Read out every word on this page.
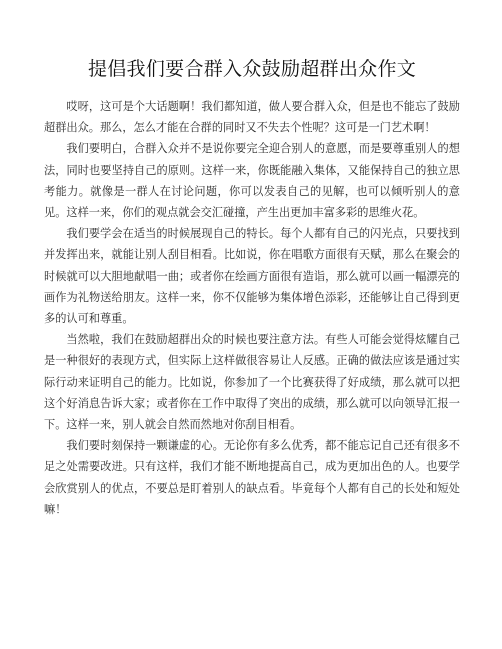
提倡我们要合群入众鼓励超群出众作文

哎呀，这可是个大话题啊！我们都知道，做人要合群入众，但是也不能忘了鼓励超群出众。那么，怎么才能在合群的同时又不失去个性呢？这可是一门艺术啊！

我们要明白，合群入众并不是说你要完全迎合别人的意愿，而是要尊重别人的想法，同时也要坚持自己的原则。这样一来，你既能融入集体，又能保持自己的独立思考能力。就像是一群人在讨论问题，你可以发表自己的见解，也可以倾听别人的意见。这样一来，你们的观点就会交汇碰撞，产生出更加丰富多彩的思维火花。

我们要学会在适当的时候展现自己的特长。每个人都有自己的闪光点，只要找到并发挥出来，就能让别人刮目相看。比如说，你在唱歌方面很有天赋，那么在聚会的时候就可以大胆地献唱一曲；或者你在绘画方面很有造诣，那么就可以画一幅漂亮的画作为礼物送给朋友。这样一来，你不仅能够为集体增色添彩，还能够让自己得到更多的认可和尊重。

当然啦，我们在鼓励超群出众的时候也要注意方法。有些人可能会觉得炫耀自己是一种很好的表现方式，但实际上这样做很容易让人反感。正确的做法应该是通过实际行动来证明自己的能力。比如说，你参加了一个比赛获得了好成绩，那么就可以把这个好消息告诉大家；或者你在工作中取得了突出的成绩，那么就可以向领导汇报一下。这样一来，别人就会自然而然地对你刮目相看。

我们要时刻保持一颗谦虚的心。无论你有多么优秀，都不能忘记自己还有很多不足之处需要改进。只有这样，我们才能不断地提高自己，成为更加出色的人。也要学会欣赏别人的优点，不要总是盯着别人的缺点看。毕竟每个人都有自己的长处和短处嘛！
